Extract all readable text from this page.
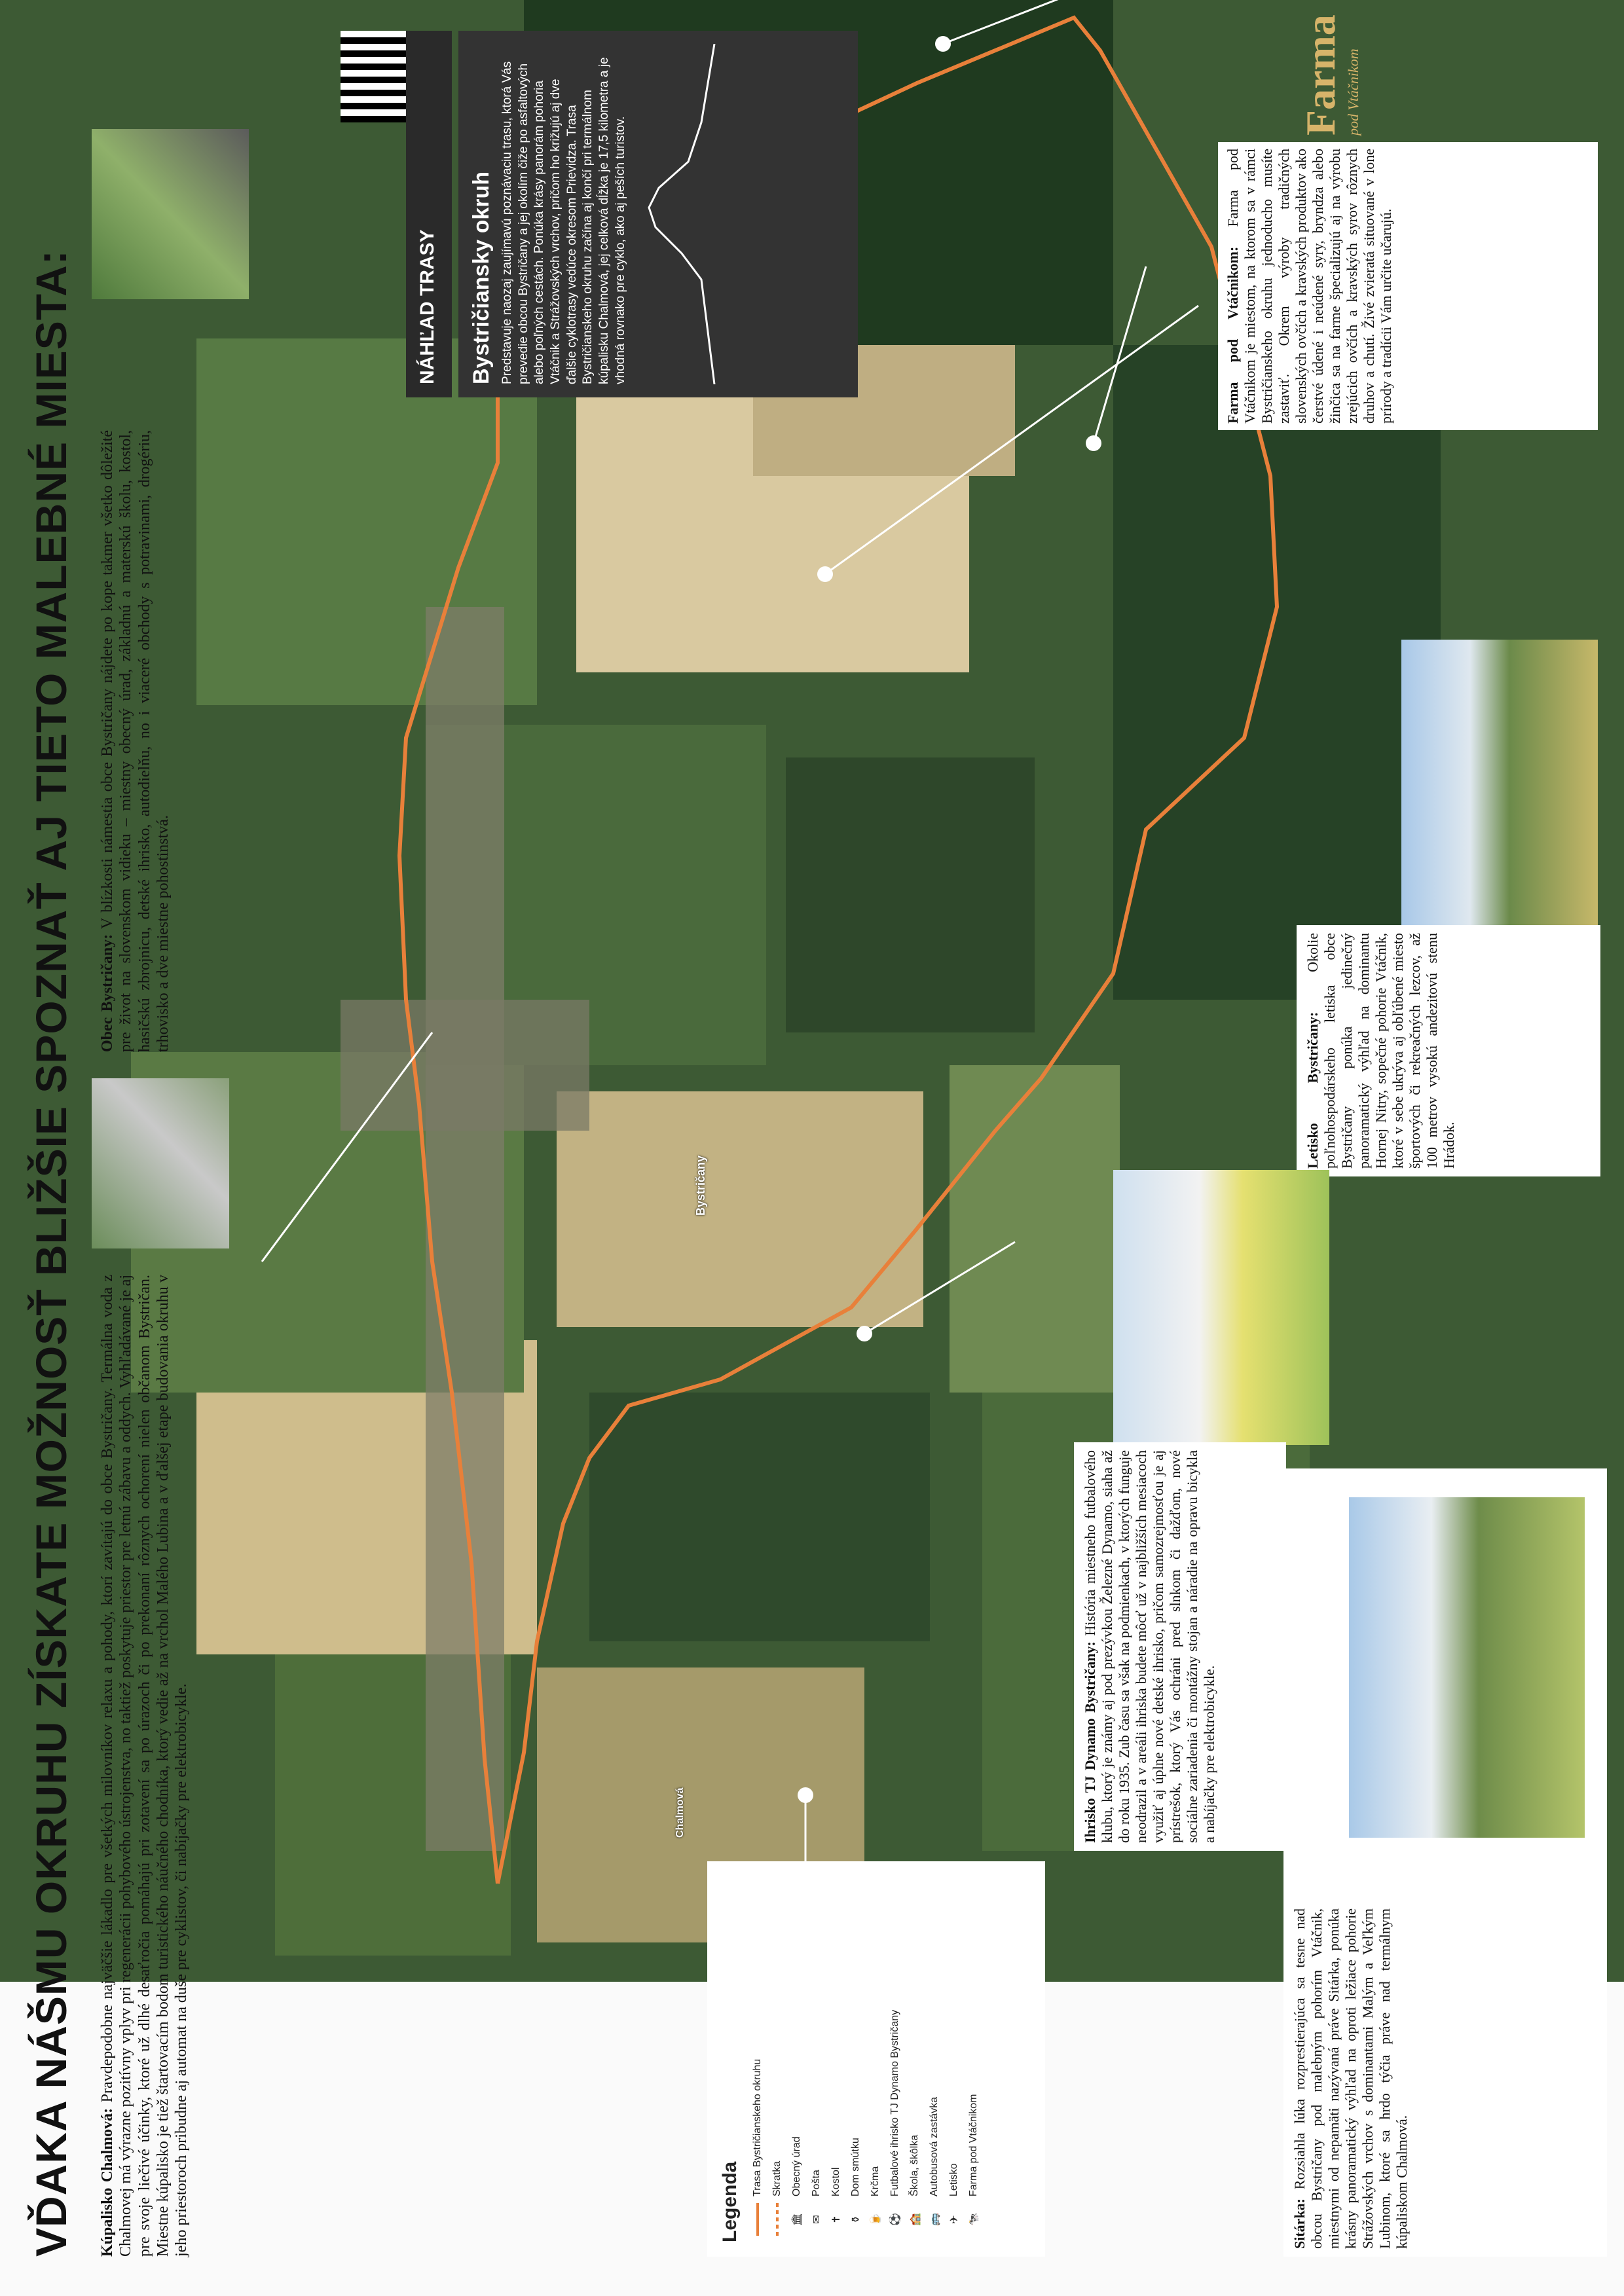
Bystričany
Chalmová
VĎAKA NÁŠMU OKRUHU ZÍSKATE MOŽNOSŤ BLIŽŠIE SPOZNAŤ AJ TIETO MALEBNÉ MIESTA: Kúpalisko Chalmová: Pravdepodobne najväčšie lákadlo pre všetkých milovníkov relaxu a pohody, ktorí zavítajú do obce Bystričany. Termálna voda z Chalmovej má výrazne pozitívny vplyv pri regenerácii pohybového ústrojenstva, no taktiež poskytuje priestor pre letnú zábavu a oddych. Vyhľadávané je aj pre svoje liečivé účinky, ktoré už dlhé desaťročia pomáhajú pri zotavení sa po úrazoch či po prekonaní rôznych ochorení nielen občanom Bystričan. Miestne kúpalisko je tiež štartovacím bodom turistického náučného chodníka, ktorý vedie až na vrchol Malého Lubina a v ďalšej etape budovania okruhu v jeho priestoroch pribudne aj automat na duše pre cyklistov, či nabíjačky pre elektrobicykle.
Obec Bystričany: V blízkosti námestia obce Bystričany nájdete po kope takmer všetko dôležité pre život na slovenskom vidieku – miestny obecný úrad, základnú a materskú školu, kostol, hasičskú zbrojnicu, detské ihrisko, autodielňu, no i viaceré obchody s potravinami, drogériu, trhovisko a dve miestne pohostinstvá.
NÁHĽAD TRASY	Bystričiansky okruh Predstavuje naozaj zaujímavú poznávaciu trasu, ktorá Vás prevedie obcou Bystričany a jej okolím čiže po asfaltových alebo poľných cestách. Ponúka krásy panorám pohoria Vtáčnik a Strážovských vrchov, pričom ho križujú aj dve ďalšie cyklotrasy vedúce okresom Prievidza. Trasa Bystričianskeho okruhu začína aj končí pri termálnom kúpalisku Chalmová, jej celková dĺžka je 17,5 kilometra a je vhodná rovnako pre cyklo, ako aj peších turistov.
Farma pod Vtáčnikom
Farma pod Vtáčnikom: Farma pod Vtáčnikom je miestom, na ktorom sa v rámci Bystričianskeho okruhu jednoducho musíte zastaviť. Okrem výroby tradičných slovenských ovčích a kravských produktov ako čerstvé údené i neúdené syry, bryndza alebo žinčica sa na farme špecializujú aj na výrobu zrejúcich ovčích a kravských syrov rôznych druhov a chutí. Živé zvieratá situované v lone prírody a tradícii Vám určite učarujú.
Letisko Bystričany: Okolie poľnohospodárskeho letiska obce Bystričany ponúka jedinečný panoramatický výhľad na dominantu Hornej Nitry, sopečné pohorie Vtáčnik, ktoré v sebe ukrýva aj obľúbené miesto športových či rekreačných lezcov, až 100 metrov vysokú andezitovú stenu Hrádok.
Ihrisko TJ Dynamo Bystričany: História miestneho futbalového klubu, ktorý je známy aj pod prezývkou Železné Dynamo, siaha až do roku 1935. Zub času sa však na podmienkach, v ktorých funguje neodrazil a v areáli ihriska budete môcť už v najbližších mesiacoch využiť aj úplne nové detské ihrisko, pričom samozrejmosťou je aj prístrešok, ktorý Vás ochráni pred slnkom či dažďom, nové sociálne zariadenia či montážny stojan a náradie na opravu bicykla a nabíjačky pre elektrobicykle.
Sitárka: Rozsiahla lúka rozprestierajúca sa tesne nad obcou Bystričany pod malebným pohorím Vtáčnik, miestnymi od nepamäti nazývaná práve Sitárka, ponúka krásny panoramatický výhľad na oproti ležiace pohorie Strážovských vrchov s dominantami Malým a Veľkým Lubinom, ktoré sa hrdo týčia práve nad termálnym kúpaliskom Chalmová.
Legenda
Trasa Bystričianskeho okruhu Skratka
🏛
Obecný úrad
✉
Pošta
✝
Kostol
⚱
Dom smútku
🍺
Krčma
⚽
Futbalové ihrisko TJ Dynamo Bystričany
🏫
Škola, škôlka
🚌
Autobusová zastávka
✈
Letisko
🐄
Farma pod Vtáčnikom
